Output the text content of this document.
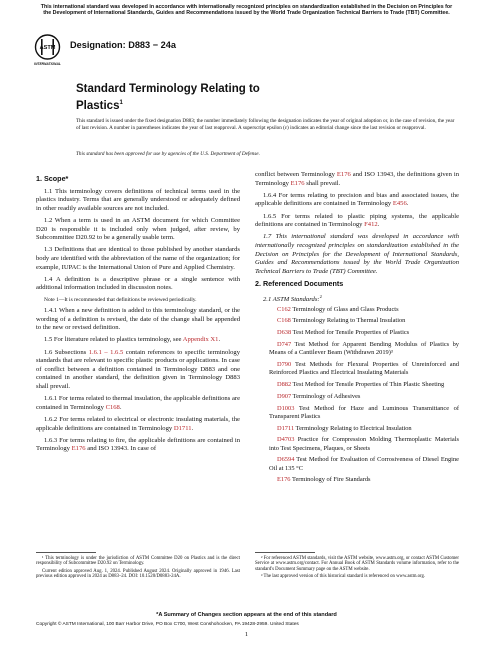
This international standard was developed in accordance with internationally recognized principles on standardization established in the Decision on Principles for the Development of International Standards, Guides and Recommendations issued by the World Trade Organization Technical Barriers to Trade (TBT) Committee.
ASTM
INTERNATIONAL
Designation: D883 − 24a
Standard Terminology Relating to
Plastics$^1$
This standard is issued under the fixed designation D883; the number immediately following the designation indicates the year of original adoption or, in the case of revision, the year of last revision. A number in parentheses indicates the year of last reapproval. A superscript epsilon (ε) indicates an editorial change since the last revision or reapproval.
This standard has been approved for use by agencies of the U.S. Department of Defense.
1. Scope*

1.1 This terminology covers definitions of technical terms used in the plastics industry. Terms that are generally understood or adequately defined in other readily available sources are not included.

1.2 When a term is used in an ASTM document for which Committee D20 is responsible it is included only when judged, after review, by Subcommittee D20.92 to be a generally usable term.

1.3 Definitions that are identical to those published by another standards body are identified with the abbreviation of the name of the organization; for example, IUPAC is the International Union of Pure and Applied Chemistry.

1.4 A definition is a descriptive phrase or a single sentence with additional information included in discussion notes.

Note 1—It is recommended that definitions be reviewed periodically.

1.4.1 When a new definition is added to this terminology standard, or the wording of a definition is revised, the date of the change shall be appended to the new or revised definition.

1.5 For literature related to plastics terminology, see Appendix X1.

1.6 Subsections 1.6.1 – 1.6.5 contain references to specific terminology standards that are relevant to specific plastic products or applications. In case of conflict between a definition contained in Terminology D883 and one contained in another standard, the definition given in Terminology D883 shall prevail.

1.6.1 For terms related to thermal insulation, the applicable definitions are contained in Terminology C168.

1.6.2 For terms related to electrical or electronic insulating materials, the applicable definitions are contained in Terminology D1711.

1.6.3 For terms relating to fire, the applicable definitions are contained in Terminology E176 and ISO 13943. In case of

conflict between Terminology E176 and ISO 13943, the definitions given in Terminology E176 shall prevail.

1.6.4 For terms relating to precision and bias and associated issues, the applicable definitions are contained in Terminology E456.

1.6.5 For terms related to plastic piping systems, the applicable definitions are contained in Terminology F412.

1.7 This international standard was developed in accordance with internationally recognized principles on standardization established in the Decision on Principles for the Development of International Standards, Guides and Recommendations issued by the World Trade Organization Technical Barriers to Trade (TBT) Committee.

2. Referenced Documents

2.1 ASTM Standards:$^2$

C162 Terminology of Glass and Glass Products

C168 Terminology Relating to Thermal Insulation

D638 Test Method for Tensile Properties of Plastics

D747 Test Method for Apparent Bending Modulus of Plastics by Means of a Cantilever Beam (Withdrawn 2019)³

D790 Test Methods for Flexural Properties of Unreinforced and Reinforced Plastics and Electrical Insulating Materials

D882 Test Method for Tensile Properties of Thin Plastic Sheeting

D907 Terminology of Adhesives

D1003 Test Method for Haze and Luminous Transmittance of Transparent Plastics

D1711 Terminology Relating to Electrical Insulation

D4703 Practice for Compression Molding Thermoplastic Materials into Test Specimens, Plaques, or Sheets

D6594 Test Method for Evaluation of Corrosiveness of Diesel Engine Oil at 135 °C

E176 Terminology of Fire Standards

¹ This terminology is under the jurisdiction of ASTM Committee D20 on Plastics and is the direct responsibility of Subcommittee D20.92 on Terminology.

Current edition approved Aug. 1, 2024. Published August 2024. Originally approved in 1946. Last previous edition approved in 2024 as D883–24. DOI: 10.1520/D0883-24A.

² For referenced ASTM standards, visit the ASTM website, www.astm.org, or contact ASTM Customer Service at www.astm.org/contact. For Annual Book of ASTM Standards volume information, refer to the standard's Document Summary page on the ASTM website.

³ The last approved version of this historical standard is referenced on www.astm.org.

*A Summary of Changes section appears at the end of this standard
Copyright © ASTM International, 100 Barr Harbor Drive, PO Box C700, West Conshohocken, PA 19428-2959. United States
1
